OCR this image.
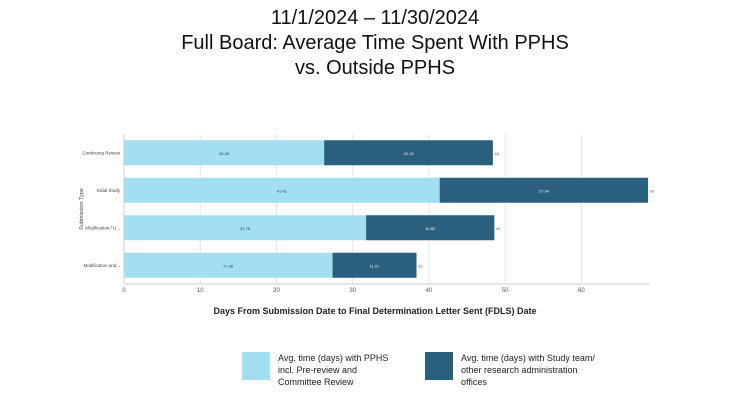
11/1/2024 – 11/30/2024
Full Board: Average Time Spent With PPHS
vs. Outside PPHS
0	10	20	30	40	50	60
26.26	22.13	48
Continuing Review
41.41	27.34	69
Initial Study
31.76	16.82	49
Modification / U...
27.36	11.01	39
Modification and...
Submission Type
Days From Submission Date to Final Determination Letter Sent (FDLS) Date
Avg. time (days) with PPHS incl. Pre-review and Committee Review
Avg. time (days) with Study team/ other research administration offices
